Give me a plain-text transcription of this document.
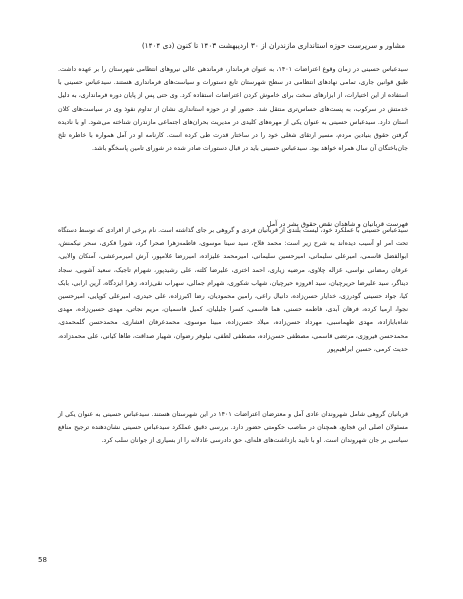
مشاور و سرپرست حوزه استانداری مازندران از ۳۰ اردیبهشت ۱۴۰۳ تا کنون (دی ۱۴۰۴)

سیدعباس حسینی در زمان وقوع اعتراضات ۱۴۰۱، به عنوان فرماندار، فرماندهی عالی نیروهای انتظامی شهرستان را بر عهده داشت. طبق قوانین جاری، تمامی نهادهای انتظامی در سطح شهرستان تابع دستورات و سیاست‌های فرمانداری هستند. سیدعباس حسینی با استفاده از این اختیارات، از ابزارهای سخت برای خاموش کردن اعتراضات استفاده کرد. وی حتی پس از پایان دوره فرمانداری، به دلیل خدمتش در سرکوب، به پست‌های حساس‌تری منتقل شد. حضور او در حوزه استانداری نشان از تداوم نفوذ وی در سیاست‌های کلان استان دارد. سیدعباس حسینی به عنوان یکی از مهره‌های کلیدی در مدیریت بحران‌های اجتماعی مازندران شناخته می‌شود. او با نادیده گرفتن حقوق بنیادین مردم، مسیر ارتقای شغلی خود را در ساختار قدرت طی کرده است. کارنامه او در آمل همواره با خاطره تلخ جان‌باختگان آن سال همراه خواهد بود. سیدعباس حسینی باید در قبال دستورات صادر شده در شورای تامین پاسخگو باشد.

فهرست قربانیان و شاهدان نقض حقوق بشر در آمل

سیدعباس حسینی با عملکرد خود، لیست بلندی از قربانیان فردی و گروهی بر جای گذاشته است. نام برخی از افرادی که توسط دستگاه تحت امر او آسیب دیده‌اند به شرح زیر است: محمد فلاح، سید سینا موسوی، فاطمه‌زهرا صحرا گرد، شورا فکری، سحر نیکمنش، ابوالفضل قاسمی، امیرعلی سلیمانی، امیرحسین سلیمانی، امیرمحمد علیزاده، امیررضا غلامپور، آرش امیرمرعشی، آمنکان والایی، عرفان رمضانی نواسی، غزاله چلاوی، مرضیه زیاری، احمد اختری، علیرضا کلته، علی رشیدپور، شهرام تاجیک، سعید آشوبی، سجاد دیناگر، سید علیرضا حریرچیان، سید افروزه حیرچیان، شهاب شکوری، شهرام جمالی، سهراب نقی‌زاده، زهرا ایزدگاه، آرین ارابی، بابک کیا، جواد حسینی گودرزی، خدایار حسن‌زاده، دانیال راعی، رامین محمودیان، رضا اکبرزاده، علی حیدری، امیرعلی کوپایی، امیرحسین نجوا، ارمیا کرده، فرهان آبدی، فاطمه حسنی، هما قاسمی، کسرا جلیلیان، کمیل قاسمیان، مریم نجاتی، مهدی حسین‌زاده، مهدی شاه‌بابازاده، مهدی طهماسبی، مهرداد حسن‌زاده، میلاد حسن‌زاده، مبینا موسوی، محمدعرفان افشاری، محمدحسن گلمحمدی، محمدحسن فیروزی، مرتضی قاسمی، مصطفی حسن‌زاده، مصطفی لطفی، نیلوفر رضوان، شهیار صداقت، طاها کیانی، علی محمدزاده، حدیث کرمی، حسین ابراهیم‌پور

قربانیان گروهی شامل شهروندان عادی آمل و معترضان اعتراضات ۱۴۰۱ در این شهرستان هستند. سیدعباس حسینی به عنوان یکی از مسئولان اصلی این فجایع، همچنان در مناصب حکومتی حضور دارد. بررسی دقیق عملکرد سیدعباس حسینی نشان‌دهنده ترجیح منافع سیاسی بر جان شهروندان است. او با تایید بازداشت‌های فله‌ای، حق دادرسی عادلانه را از بسیاری از جوانان سلب کرد.

58
